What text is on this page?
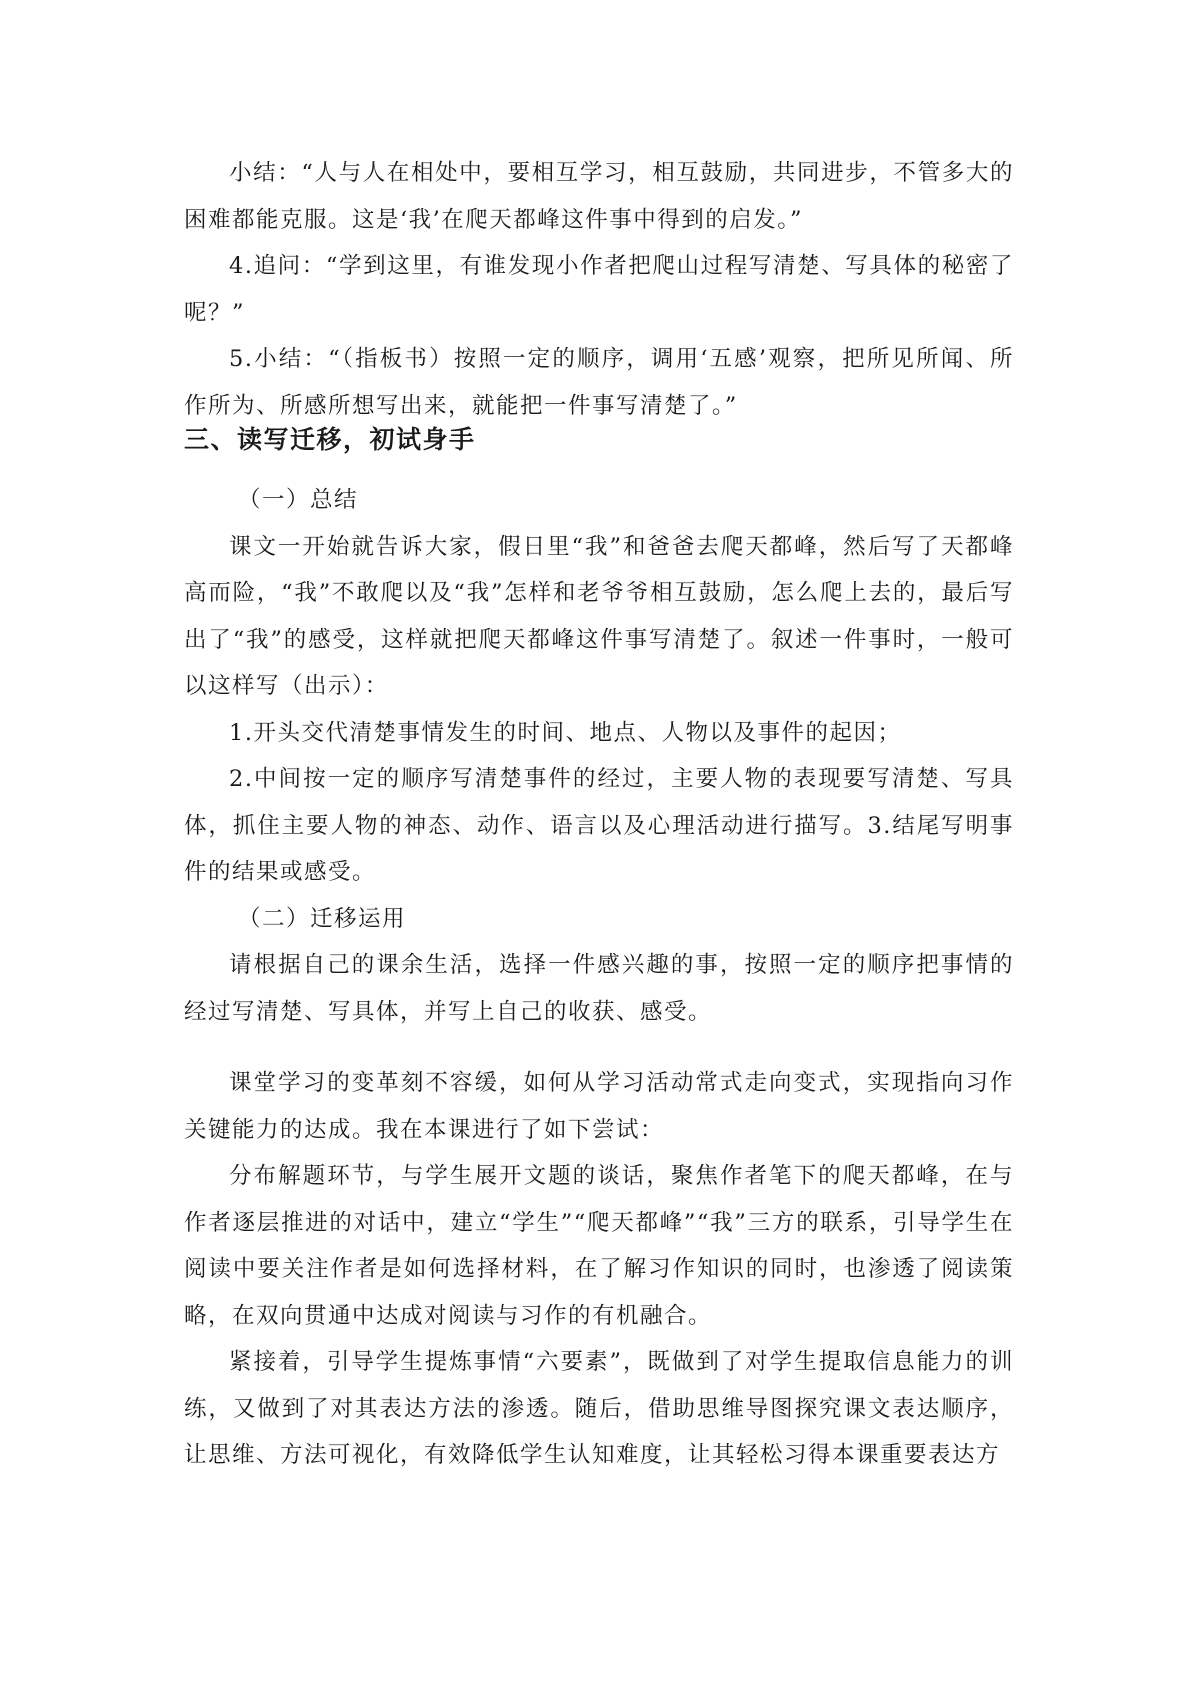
小结：“人与人在相处中，要相互学习，相互鼓励，共同进步，不管多大的困难都能克服。这是‘我’在爬天都峰这件事中得到的启发。”

4.追问：“学到这里，有谁发现小作者把爬山过程写清楚、写具体的秘密了呢？”

5.小结：“（指板书）按照一定的顺序，调用‘五感’观察，把所见所闻、所作所为、所感所想写出来，就能把一件事写清楚了。”

三、读写迁移，初试身手

（一）总结

课文一开始就告诉大家，假日里“我”和爸爸去爬天都峰，然后写了天都峰高而险，“我”不敢爬以及“我”怎样和老爷爷相互鼓励，怎么爬上去的，最后写出了“我”的感受，这样就把爬天都峰这件事写清楚了。叙述一件事时，一般可以这样写（出示）：

1.开头交代清楚事情发生的时间、地点、人物以及事件的起因；

2.中间按一定的顺序写清楚事件的经过，主要人物的表现要写清楚、写具体，抓住主要人物的神态、动作、语言以及心理活动进行描写。3.结尾写明事件的结果或感受。

（二）迁移运用

请根据自己的课余生活，选择一件感兴趣的事，按照一定的顺序把事情的经过写清楚、写具体，并写上自己的收获、感受。

课堂学习的变革刻不容缓，如何从学习活动常式走向变式，实现指向习作关键能力的达成。我在本课进行了如下尝试：

分布解题环节，与学生展开文题的谈话，聚焦作者笔下的爬天都峰，在与作者逐层推进的对话中，建立“学生”“爬天都峰”“我”三方的联系，引导学生在阅读中要关注作者是如何选择材料，在了解习作知识的同时，也渗透了阅读策略，在双向贯通中达成对阅读与习作的有机融合。

紧接着，引导学生提炼事情“六要素”，既做到了对学生提取信息能力的训练，又做到了对其表达方法的渗透。随后，借助思维导图探究课文表达顺序，让思维、方法可视化，有效降低学生认知难度，让其轻松习得本课重要表达方
